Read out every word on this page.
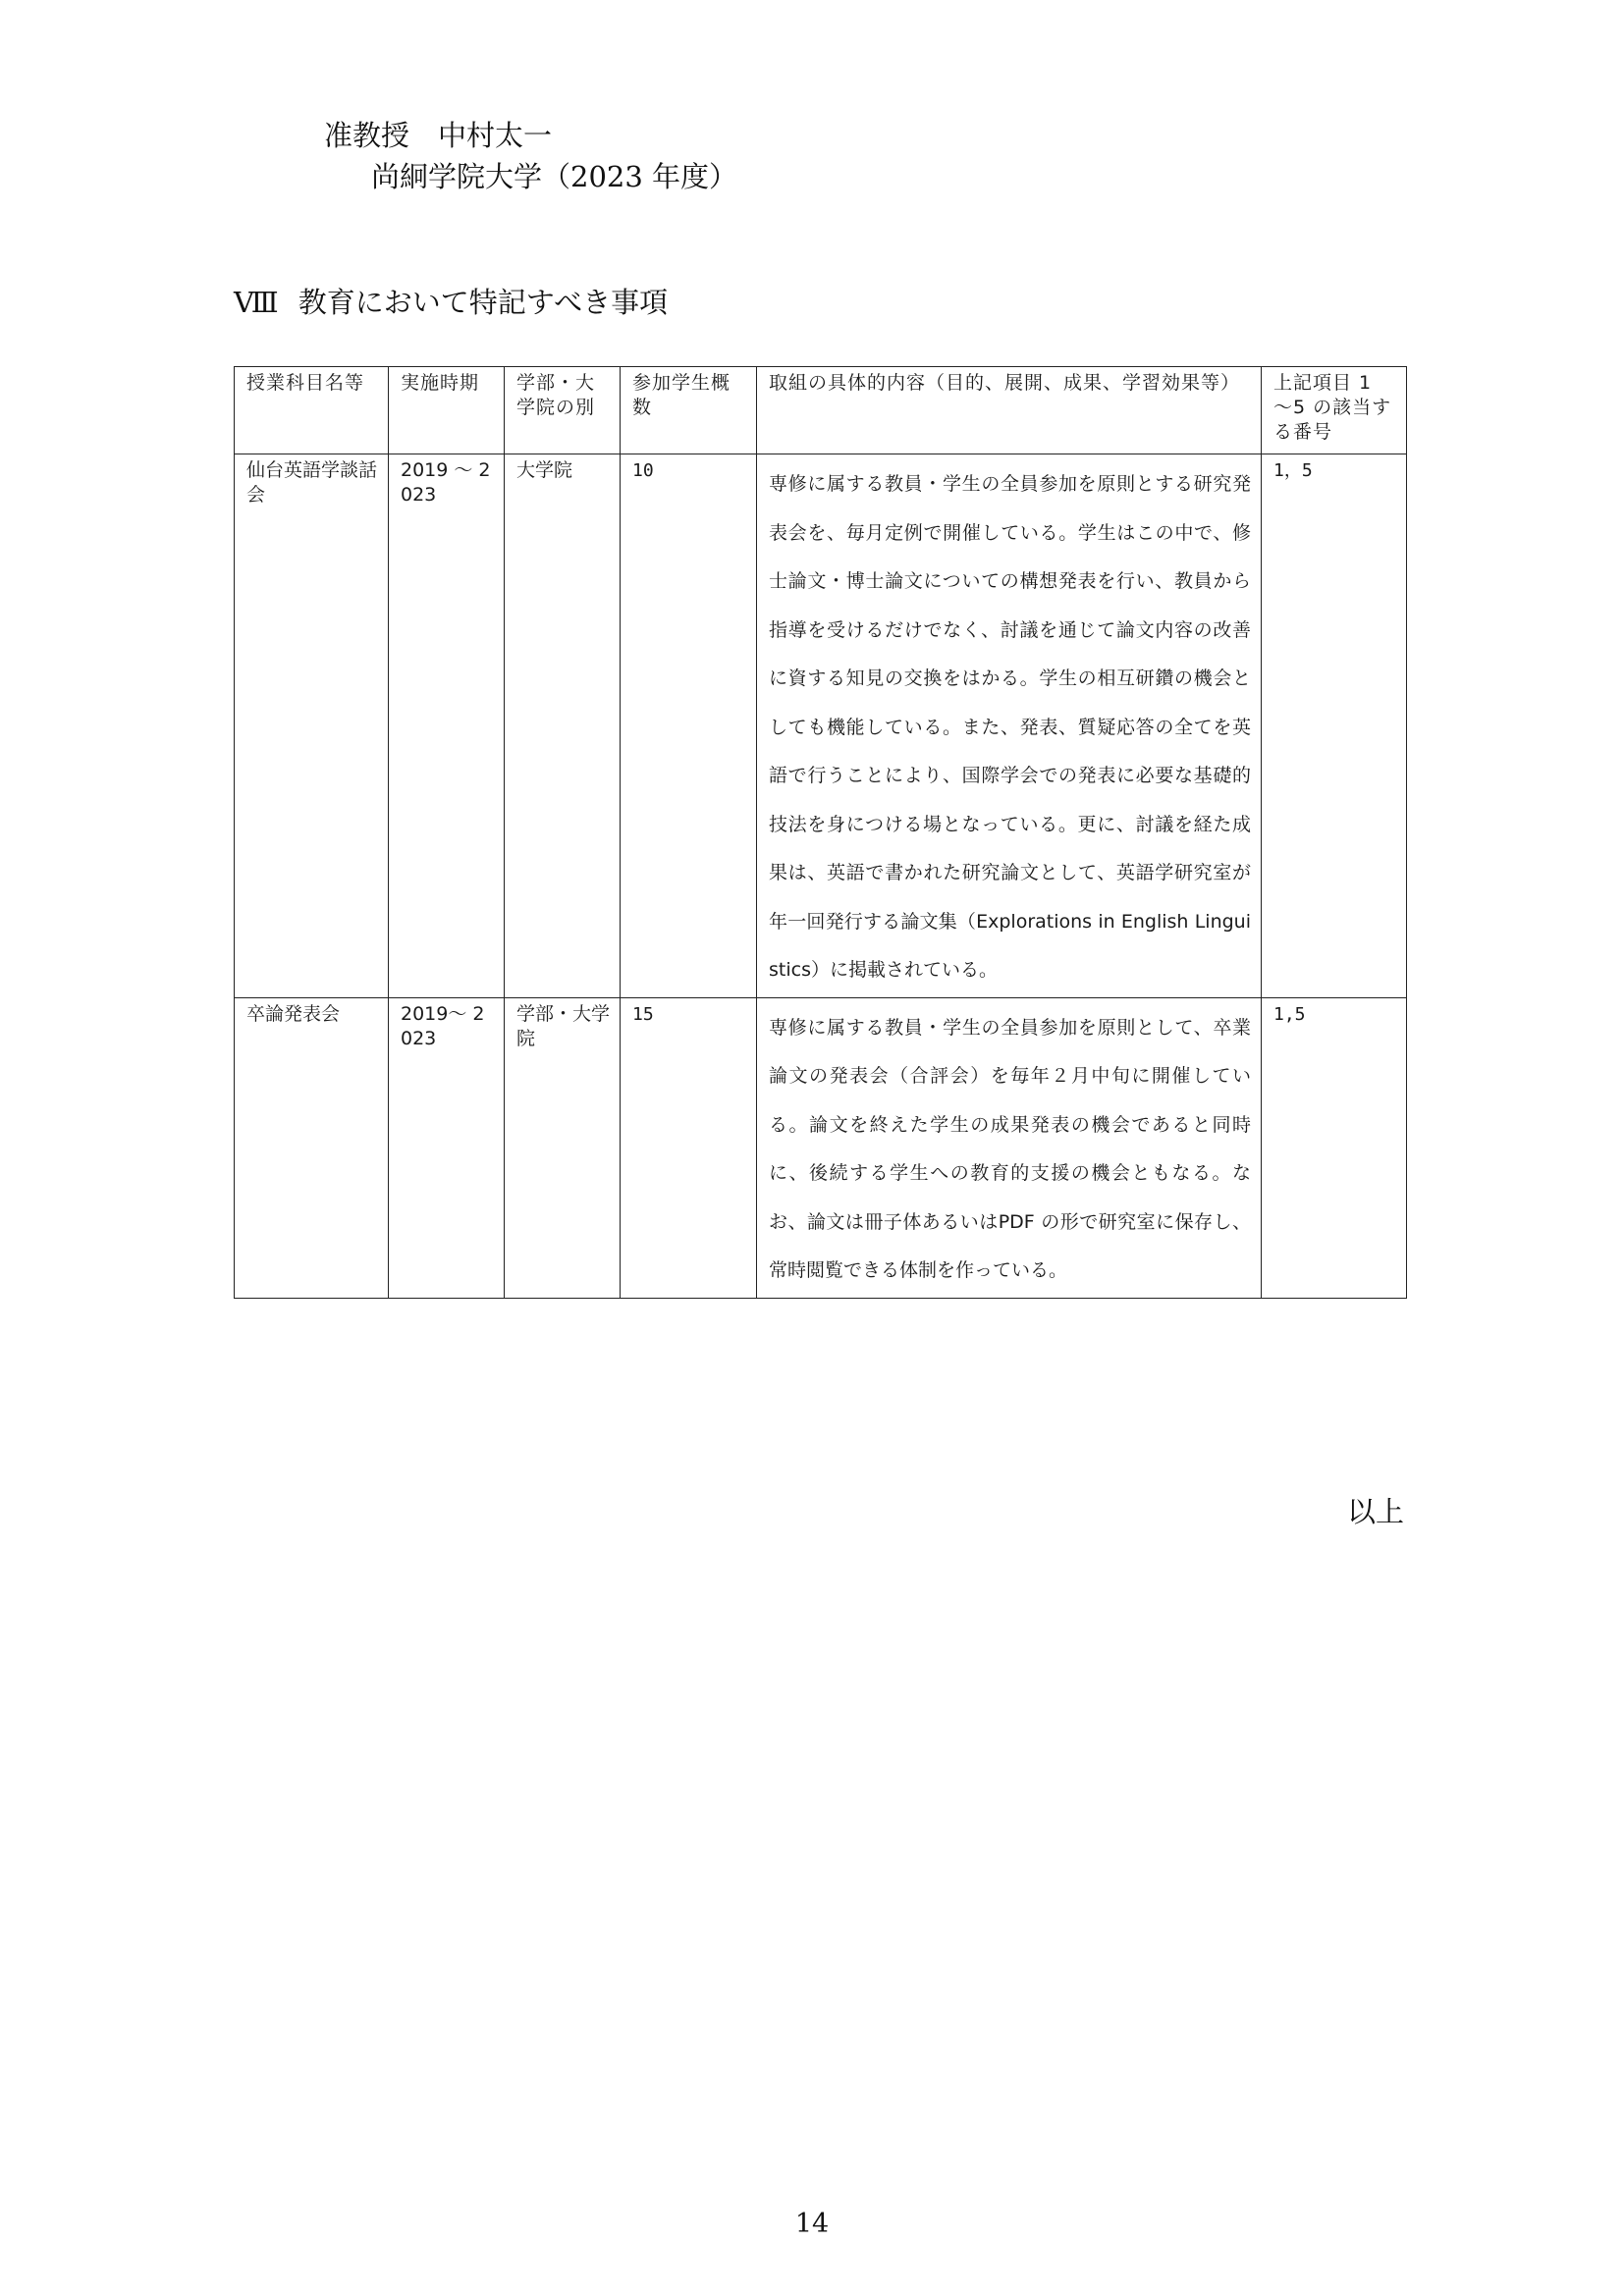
准教授　中村太一
尚絅学院大学（2023 年度）
Ⅷ 教育において特記すべき事項
授業科目名等	実施時期	学部・大学院の別	参加学生概数	取組の具体的内容（目的、展開、成果、学習効果等）	上記項目 1 ～5 の該当する番号
仙台英語学談話会	2019 ～ 2023	大学院	10	専修に属する教員・学生の全員参加を原則とする研究発表会を、毎月定例で開催している。学生はこの中で、修士論文・博士論文についての構想発表を行い、教員から指導を受けるだけでなく、討議を通じて論文内容の改善に資する知見の交換をはかる。学生の相互研鑽の機会としても機能している。また、発表、質疑応答の全てを英語で行うことにより、国際学会での発表に必要な基礎的技法を身につける場となっている。更に、討議を経た成果は、英語で書かれた研究論文として、英語学研究室が年一回発行する論文集（Explorations in English Linguistics）に掲載されている。	1，5
卒論発表会	2019～ 2023	学部・大学院	15	専修に属する教員・学生の全員参加を原則として、卒業論文の発表会（合評会）を毎年２月中旬に開催している。論文を終えた学生の成果発表の機会であると同時に、後続する学生への教育的支援の機会ともなる。なお、論文は冊子体あるいはPDF の形で研究室に保存し、常時閲覧できる体制を作っている。	1,5
以上
14
